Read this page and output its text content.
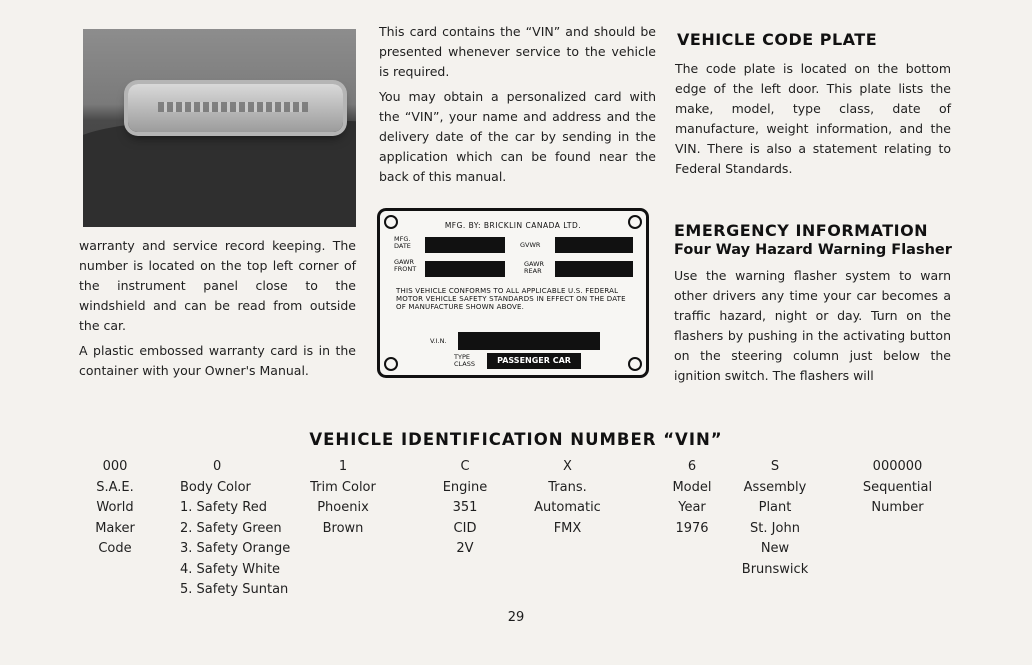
warranty and service record keeping. The number is located on the top left corner of the instrument panel close to the windshield and can be read from outside the car.

A plastic embossed warranty card is in the container with your Owner's Manual.

This card contains the “VIN” and should be presented whenever service to the vehicle is required.

You may obtain a personalized card with the “VIN”, your name and address and the delivery date of the car by sending in the application which can be found near the back of this manual.

MFG. BY: BRICKLIN CANADA LTD.
MFG. DATE	GVWR
GAWR FRONT
GAWR REAR
THIS VEHICLE CONFORMS TO ALL APPLICABLE U.S. FEDERAL MOTOR VEHICLE SAFETY STANDARDS IN EFFECT ON THE DATE OF MANUFACTURE SHOWN ABOVE.
V.I.N.
TYPE CLASS	PASSENGER CAR
VEHICLE CODE PLATE

The code plate is located on the bottom edge of the left door. This plate lists the make, model, type class, date of manufacture, weight information, and the VIN. There is also a statement relating to Federal Standards.

EMERGENCY INFORMATION
Four Way Hazard Warning Flasher

Use the warning flasher system to warn other drivers any time your car becomes a traffic hazard, night or day. Turn on the flashers by pushing in the activating button on the steering column just below the ignition switch. The flashers will

VEHICLE IDENTIFICATION NUMBER “VIN”
000
S.A.E.
World
Maker
Code
0
Body Color
1. Safety Red
2. Safety Green
3. Safety Orange
4. Safety White
5. Safety Suntan
1
Trim Color
Phoenix
Brown
C
Engine
351
CID
2V
X
Trans.
Automatic
FMX
6
Model
Year
1976
S
Assembly
Plant
St. John
New
Brunswick
000000
Sequential
Number
29
